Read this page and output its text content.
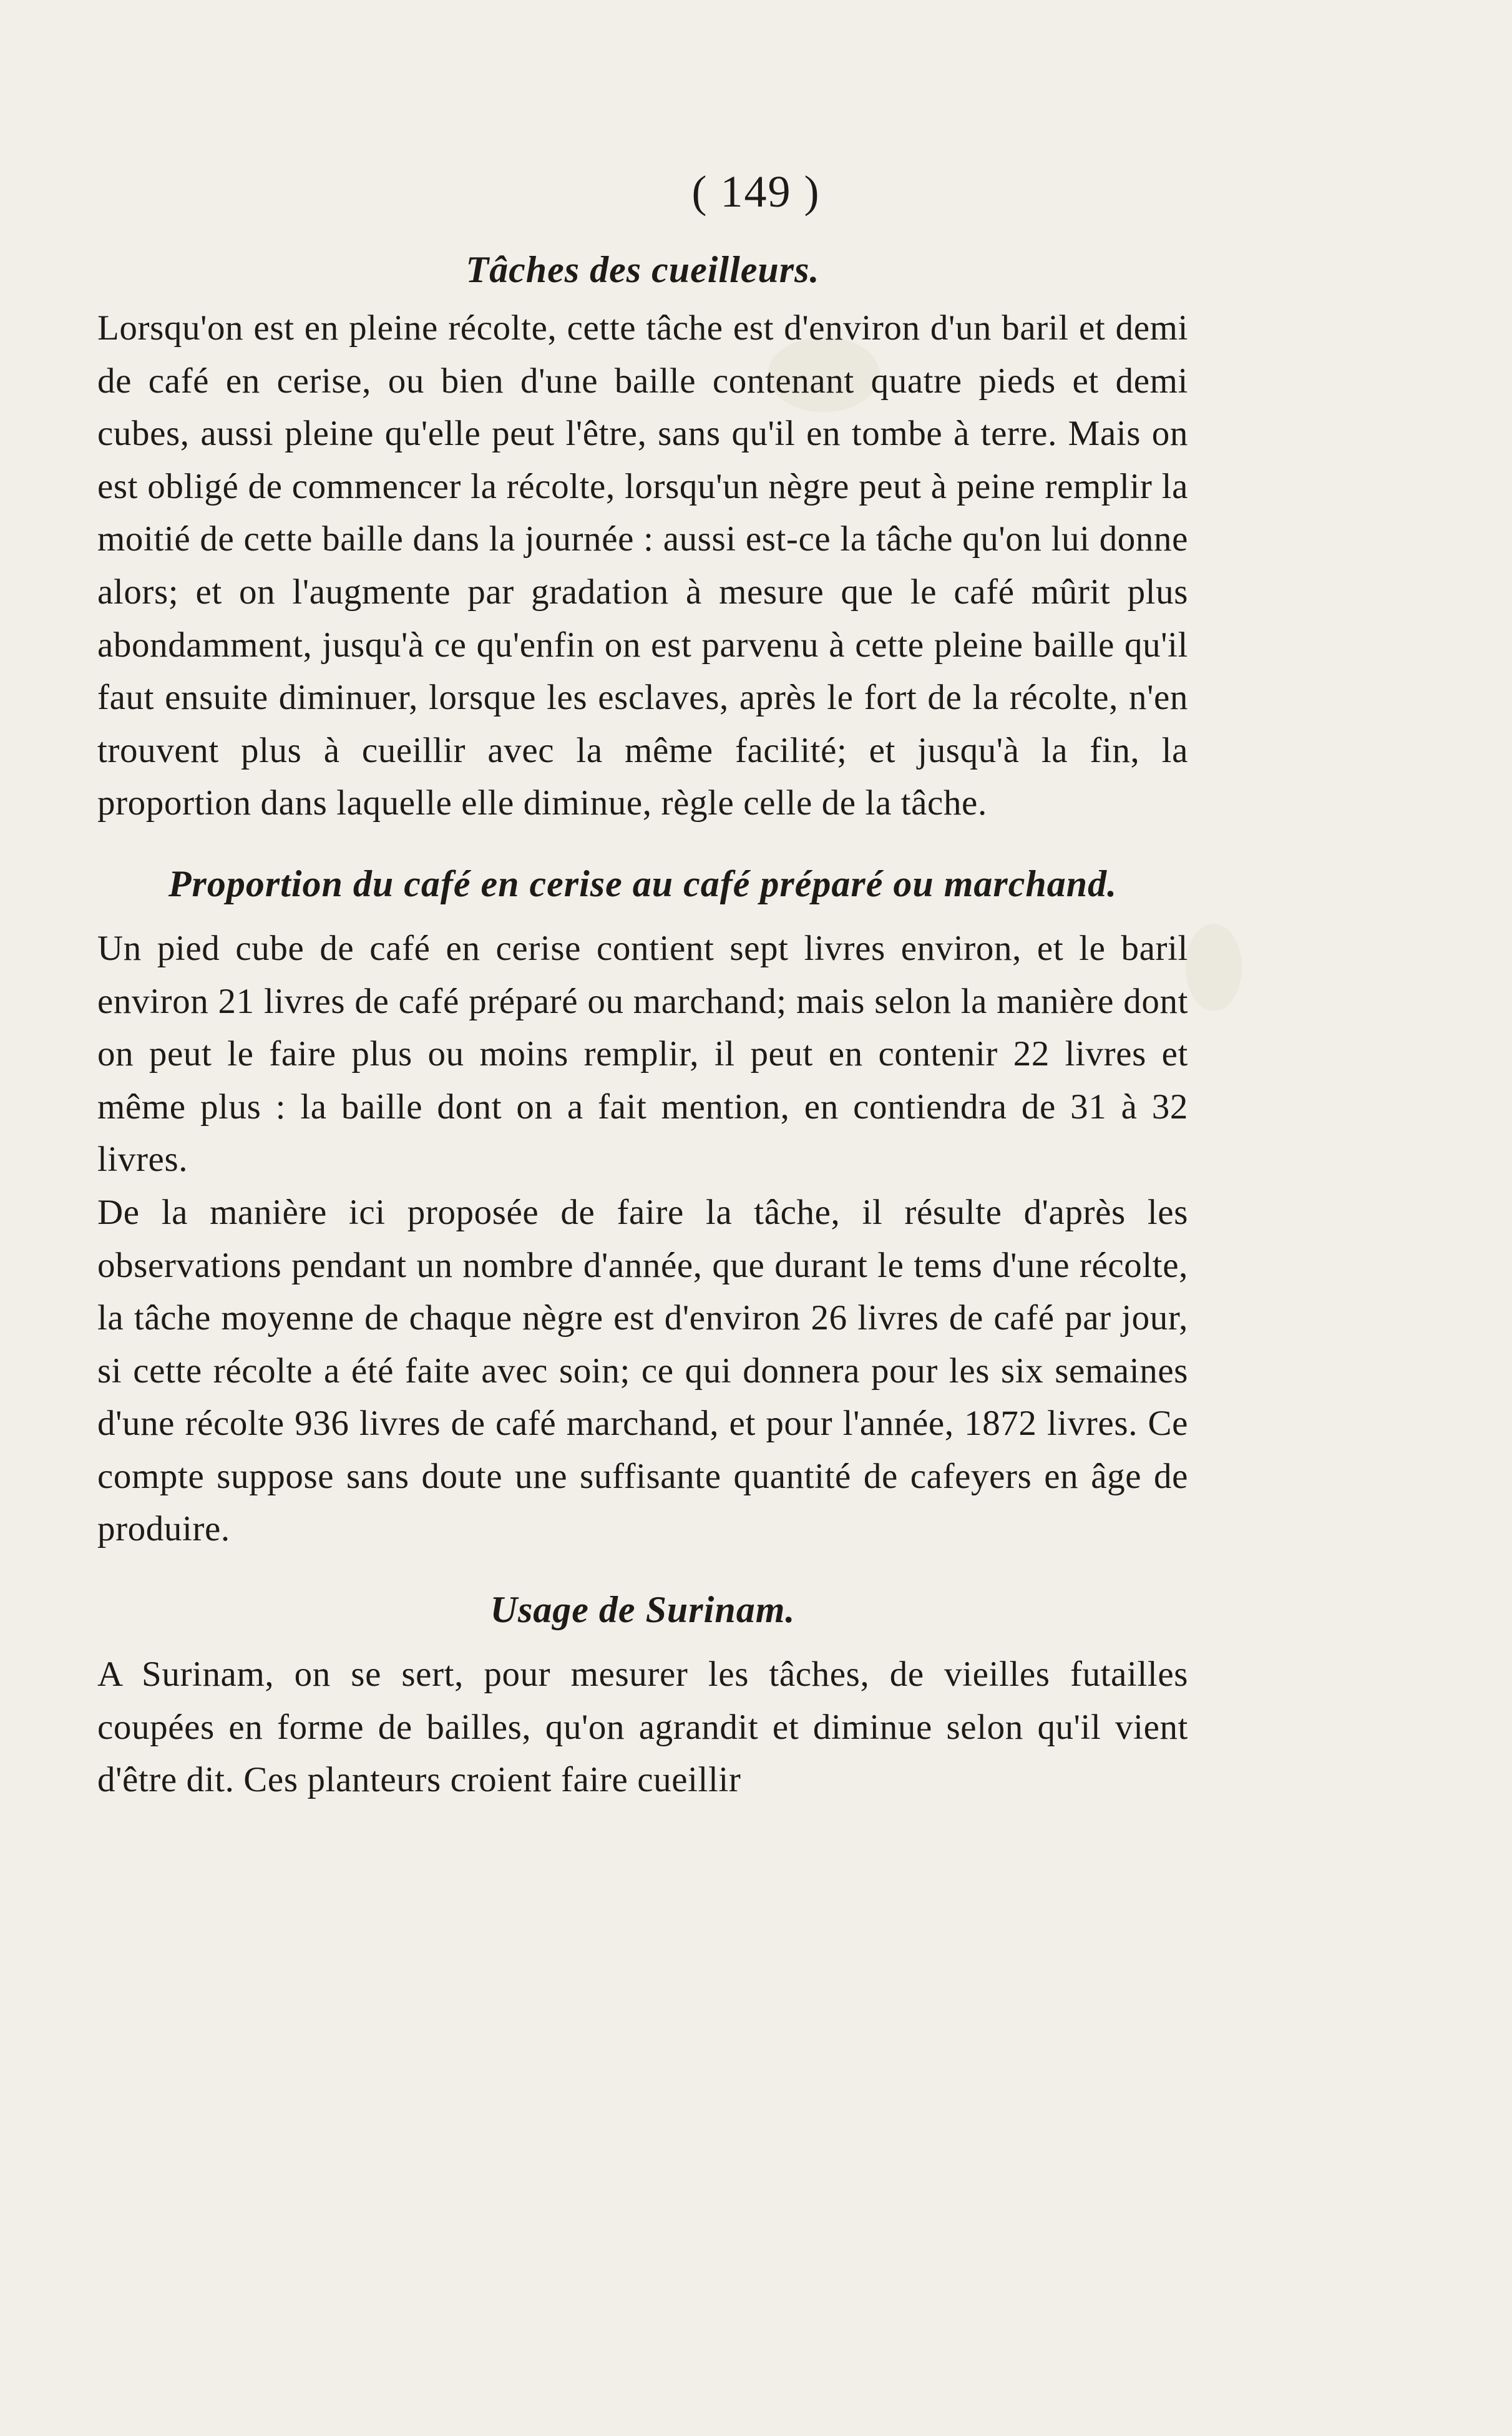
( 149 )
Tâches des cueilleurs.

Lorsqu'on est en pleine récolte, cette tâche est d'environ d'un baril et demi de café en cerise, ou bien d'une baille contenant quatre pieds et demi cubes, aussi pleine qu'elle peut l'être, sans qu'il en tombe à terre. Mais on est obligé de commencer la récolte, lorsqu'un nègre peut à peine remplir la moitié de cette baille dans la journée : aussi est-ce la tâche qu'on lui donne alors; et on l'augmente par gradation à mesure que le café mûrit plus abondamment, jusqu'à ce qu'enfin on est parvenu à cette pleine baille qu'il faut ensuite diminuer, lorsque les esclaves, après le fort de la récolte, n'en trouvent plus à cueillir avec la même facilité; et jusqu'à la fin, la proportion dans laquelle elle diminue, règle celle de la tâche.

Proportion du café en cerise au café préparé ou marchand.

Un pied cube de café en cerise contient sept livres environ, et le baril environ 21 livres de café préparé ou marchand; mais selon la manière dont on peut le faire plus ou moins remplir, il peut en contenir 22 livres et même plus : la baille dont on a fait mention, en contiendra de 31 à 32 livres.

De la manière ici proposée de faire la tâche, il résulte d'après les observations pendant un nombre d'année, que durant le tems d'une récolte, la tâche moyenne de chaque nègre est d'environ 26 livres de café par jour, si cette récolte a été faite avec soin; ce qui donnera pour les six semaines d'une récolte 936 livres de café marchand, et pour l'année, 1872 livres. Ce compte suppose sans doute une suffisante quantité de cafeyers en âge de produire.

Usage de Surinam.

A Surinam, on se sert, pour mesurer les tâches, de vieilles futailles coupées en forme de bailles, qu'on agrandit et diminue selon qu'il vient d'être dit. Ces planteurs croient faire cueillir
